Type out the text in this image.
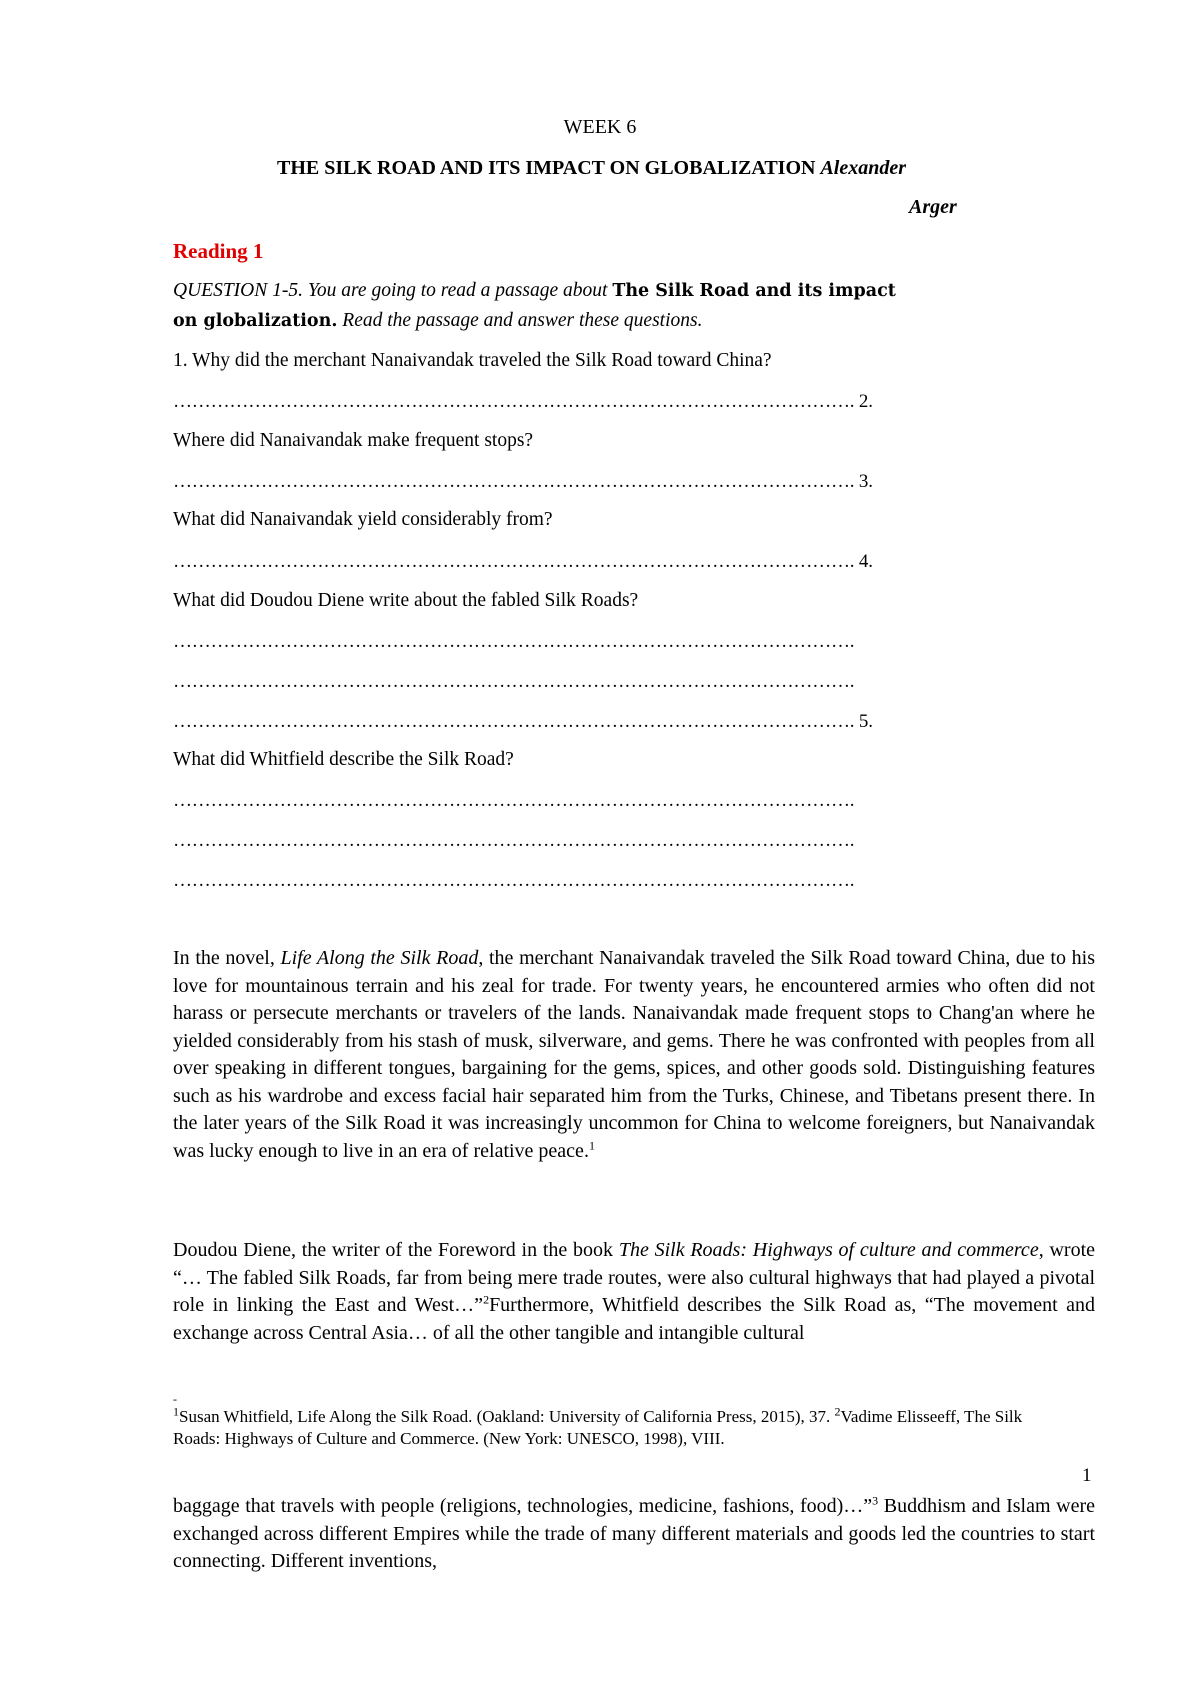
WEEK 6
THE SILK ROAD AND ITS IMPACT ON GLOBALIZATION Alexander
Arger
Reading 1
QUESTION 1-5. You are going to read a passage about The Silk Road and its impact
on globalization. Read the passage and answer these questions.
1. Why did the merchant Nanaivandak traveled the Silk Road toward China?
………………………………………………………………………………………………. 2.
Where did Nanaivandak make frequent stops?
………………………………………………………………………………………………. 3.
What did Nanaivandak yield considerably from?
………………………………………………………………………………………………. 4.
What did Doudou Diene write about the fabled Silk Roads?
……………………………………………………………………………………………….
……………………………………………………………………………………………….
………………………………………………………………………………………………. 5.
What did Whitfield describe the Silk Road?
……………………………………………………………………………………………….
……………………………………………………………………………………………….
……………………………………………………………………………………………….

In the novel, Life Along the Silk Road, the merchant Nanaivandak traveled the Silk Road toward China, due to his love for mountainous terrain and his zeal for trade. For twenty years, he encountered armies who often did not harass or persecute merchants or travelers of the lands. Nanaivandak made frequent stops to Chang'an where he yielded considerably from his stash of musk, silverware, and gems. There he was confronted with peoples from all over speaking in different tongues, bargaining for the gems, spices, and other goods sold. Distinguishing features such as his wardrobe and excess facial hair separated him from the Turks, Chinese, and Tibetans present there. In the later years of the Silk Road it was increasingly uncommon for China to welcome foreigners, but Nanaivandak was lucky enough to live in an era of relative peace.$^1$

Doudou Diene, the writer of the Foreword in the book The Silk Roads: Highways of culture and commerce, wrote “… The fabled Silk Roads, far from being mere trade routes, were also cultural highways that had played a pivotal role in linking the East and West…”$^2$Furthermore, Whitfield describes the Silk Road as, “The movement and exchange across Central Asia… of all the other tangible and intangible cultural

-
$^1$Susan Whitfield, Life Along the Silk Road. (Oakland: University of California Press, 2015), 37. $^2$Vadime Elisseeff, The Silk Roads: Highways of Culture and Commerce. (New York: UNESCO, 1998), VIII.
1

baggage that travels with people (religions, technologies, medicine, fashions, food)…”$^3$ Buddhism and Islam were exchanged across different Empires while the trade of many different materials and goods led the countries to start connecting. Different inventions,
